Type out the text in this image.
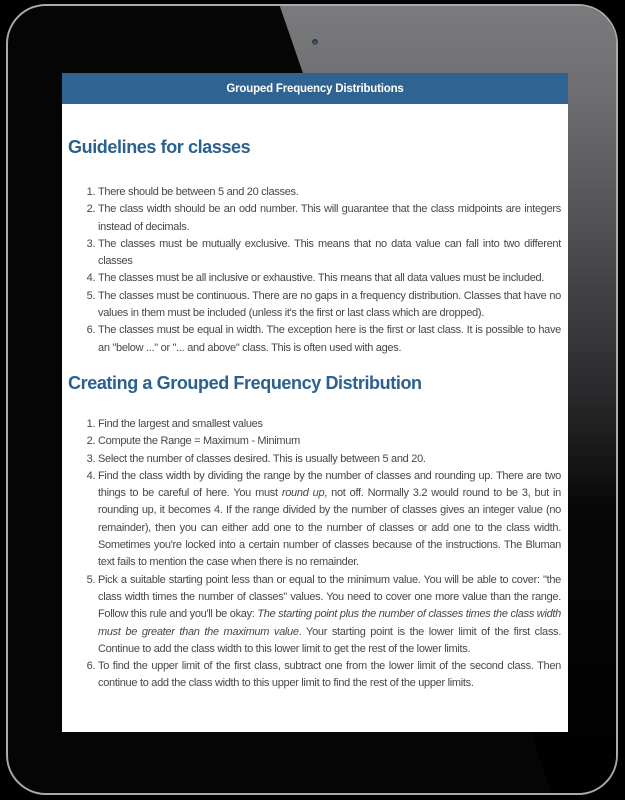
Grouped Frequency Distributions
Guidelines for classes
1. There should be between 5 and 20 classes.
2. The class width should be an odd number. This will guarantee that the class midpoints are integers instead of decimals.
3. The classes must be mutually exclusive. This means that no data value can fall into two different classes
4. The classes must be all inclusive or exhaustive. This means that all data values must be included.
5. The classes must be continuous. There are no gaps in a frequency distribution. Classes that have no values in them must be included (unless it's the first or last class which are dropped).
6. The classes must be equal in width. The exception here is the first or last class. It is possible to have an "below ..." or "... and above" class. This is often used with ages.
Creating a Grouped Frequency Distribution
1. Find the largest and smallest values
2. Compute the Range = Maximum - Minimum
3. Select the number of classes desired. This is usually between 5 and 20.
4. Find the class width by dividing the range by the number of classes and rounding up. There are two things to be careful of here. You must round up, not off. Normally 3.2 would round to be 3, but in rounding up, it becomes 4. If the range divided by the number of classes gives an integer value (no remainder), then you can either add one to the number of classes or add one to the class width. Sometimes you're locked into a certain number of classes because of the instructions. The Bluman text fails to mention the case when there is no remainder.
5. Pick a suitable starting point less than or equal to the minimum value. You will be able to cover: "the class width times the number of classes" values. You need to cover one more value than the range. Follow this rule and you'll be okay: The starting point plus the number of classes times the class width must be greater than the maximum value. Your starting point is the lower limit of the first class. Continue to add the class width to this lower limit to get the rest of the lower limits.
6. To find the upper limit of the first class, subtract one from the lower limit of the second class. Then continue to add the class width to this upper limit to find the rest of the upper limits.
